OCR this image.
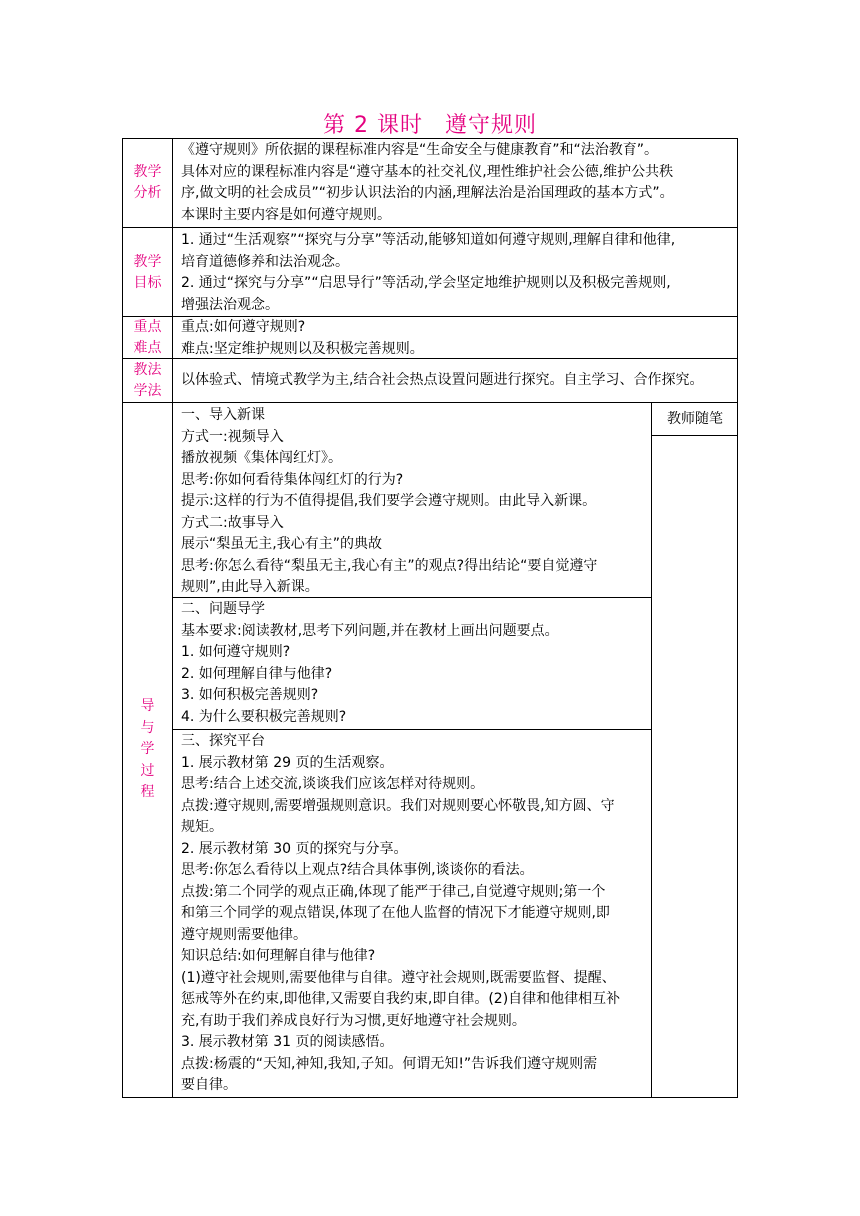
第 2 课时 遵守规则
教学
分析

《遵守规则》所依据的课程标准内容是“生命安全与健康教育”和“法治教育”。

具体对应的课程标准内容是“遵守基本的社交礼仪,理性维护社会公德,维护公共秩

序,做文明的社会成员”“初步认识法治的内涵,理解法治是治国理政的基本方式”。

本课时主要内容是如何遵守规则。

教学
目标

1. 通过“生活观察”“探究与分享”等活动,能够知道如何遵守规则,理解自律和他律,

培育道德修养和法治观念。

2. 通过“探究与分享”“启思导行”等活动,学会坚定地维护规则以及积极完善规则,

增强法治观念。

重点
难点

重点:如何遵守规则?

难点:坚定维护规则以及积极完善规则。

教法
学法

以体验式、情境式教学为主,结合社会热点设置问题进行探究。自主学习、合作探究。

导
与
学
过
程
教师随笔

一、导入新课

方式一:视频导入

播放视频《集体闯红灯》。

思考:你如何看待集体闯红灯的行为?

提示:这样的行为不值得提倡,我们要学会遵守规则。由此导入新课。

方式二:故事导入

展示“梨虽无主,我心有主”的典故

思考:你怎么看待“梨虽无主,我心有主”的观点?得出结论“要自觉遵守

规则”,由此导入新课。

二、问题导学

基本要求:阅读教材,思考下列问题,并在教材上画出问题要点。

1. 如何遵守规则?

2. 如何理解自律与他律?

3. 如何积极完善规则?

4. 为什么要积极完善规则?

三、探究平台

1. 展示教材第 29 页的生活观察。

思考:结合上述交流,谈谈我们应该怎样对待规则。

点拨:遵守规则,需要增强规则意识。我们对规则要心怀敬畏,知方圆、守

规矩。

2. 展示教材第 30 页的探究与分享。

思考:你怎么看待以上观点?结合具体事例,谈谈你的看法。

点拨:第二个同学的观点正确,体现了能严于律己,自觉遵守规则;第一个

和第三个同学的观点错误,体现了在他人监督的情况下才能遵守规则,即

遵守规则需要他律。

知识总结:如何理解自律与他律?

(1)遵守社会规则,需要他律与自律。遵守社会规则,既需要监督、提醒、

惩戒等外在约束,即他律,又需要自我约束,即自律。(2)自律和他律相互补

充,有助于我们养成良好行为习惯,更好地遵守社会规则。

3. 展示教材第 31 页的阅读感悟。

点拨:杨震的“天知,神知,我知,子知。何谓无知!”告诉我们遵守规则需

要自律。
